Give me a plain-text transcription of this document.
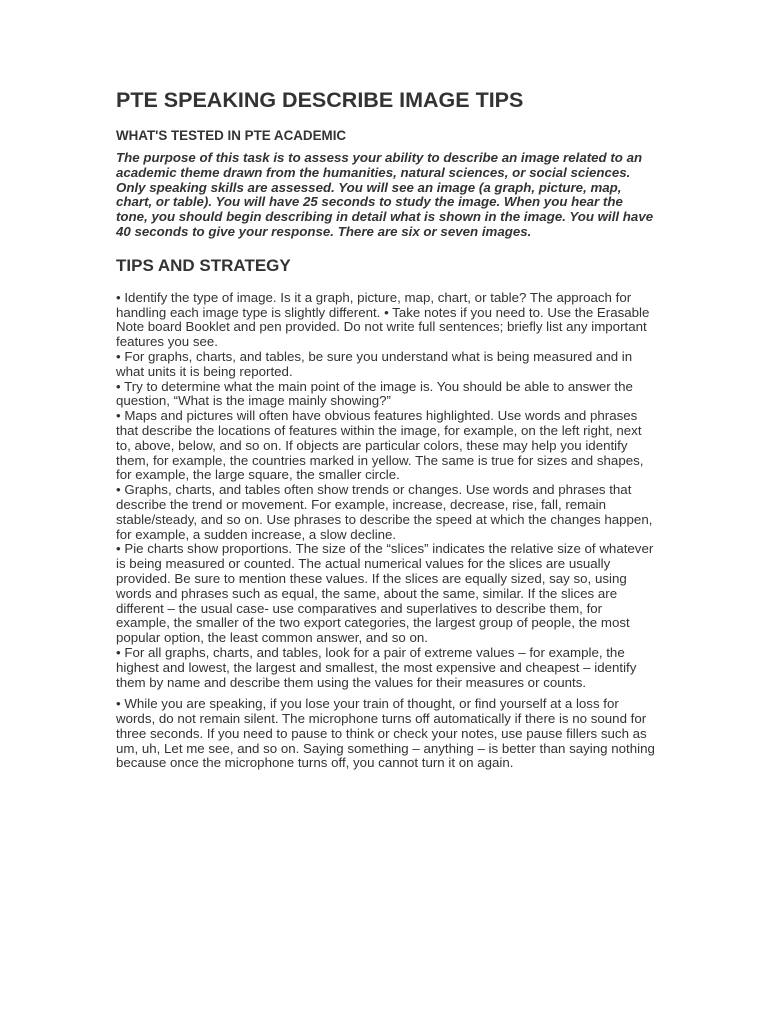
PTE SPEAKING DESCRIBE IMAGE TIPS
WHAT'S TESTED IN PTE ACADEMIC

The purpose of this task is to assess your ability to describe an image related to an academic theme drawn from the humanities, natural sciences, or social sciences. Only speaking skills are assessed. You will see an image (a graph, picture, map, chart, or table). You will have 25 seconds to study the image. When you hear the tone, you should begin describing in detail what is shown in the image. You will have 40 seconds to give your response. There are six or seven images.

TIPS AND STRATEGY

• Identify the type of image. Is it a graph, picture, map, chart, or table? The approach for handling each image type is slightly different. • Take notes if you need to. Use the Erasable Note board Booklet and pen provided. Do not write full sentences; briefly list any important features you see.

• For graphs, charts, and tables, be sure you understand what is being measured and in what units it is being reported.

• Try to determine what the main point of the image is. You should be able to answer the question, “What is the image mainly showing?”

• Maps and pictures will often have obvious features highlighted. Use words and phrases that describe the locations of features within the image, for example, on the left right, next to, above, below, and so on. If objects are particular colors, these may help you identify them, for example, the countries marked in yellow. The same is true for sizes and shapes, for example, the large square, the smaller circle.

• Graphs, charts, and tables often show trends or changes. Use words and phrases that describe the trend or movement. For example, increase, decrease, rise, fall, remain stable/steady, and so on. Use phrases to describe the speed at which the changes happen, for example, a sudden increase, a slow decline.

• Pie charts show proportions. The size of the “slices” indicates the relative size of whatever is being measured or counted. The actual numerical values for the slices are usually provided. Be sure to mention these values. If the slices are equally sized, say so, using words and phrases such as equal, the same, about the same, similar. If the slices are different – the usual case- use comparatives and superlatives to describe them, for example, the smaller of the two export categories, the largest group of people, the most popular option, the least common answer, and so on.

• For all graphs, charts, and tables, look for a pair of extreme values – for example, the highest and lowest, the largest and smallest, the most expensive and cheapest – identify them by name and describe them using the values for their measures or counts.

• While you are speaking, if you lose your train of thought, or find yourself at a loss for words, do not remain silent. The microphone turns off automatically if there is no sound for three seconds. If you need to pause to think or check your notes, use pause fillers such as um, uh, Let me see, and so on. Saying something – anything – is better than saying nothing because once the microphone turns off, you cannot turn it on again.
